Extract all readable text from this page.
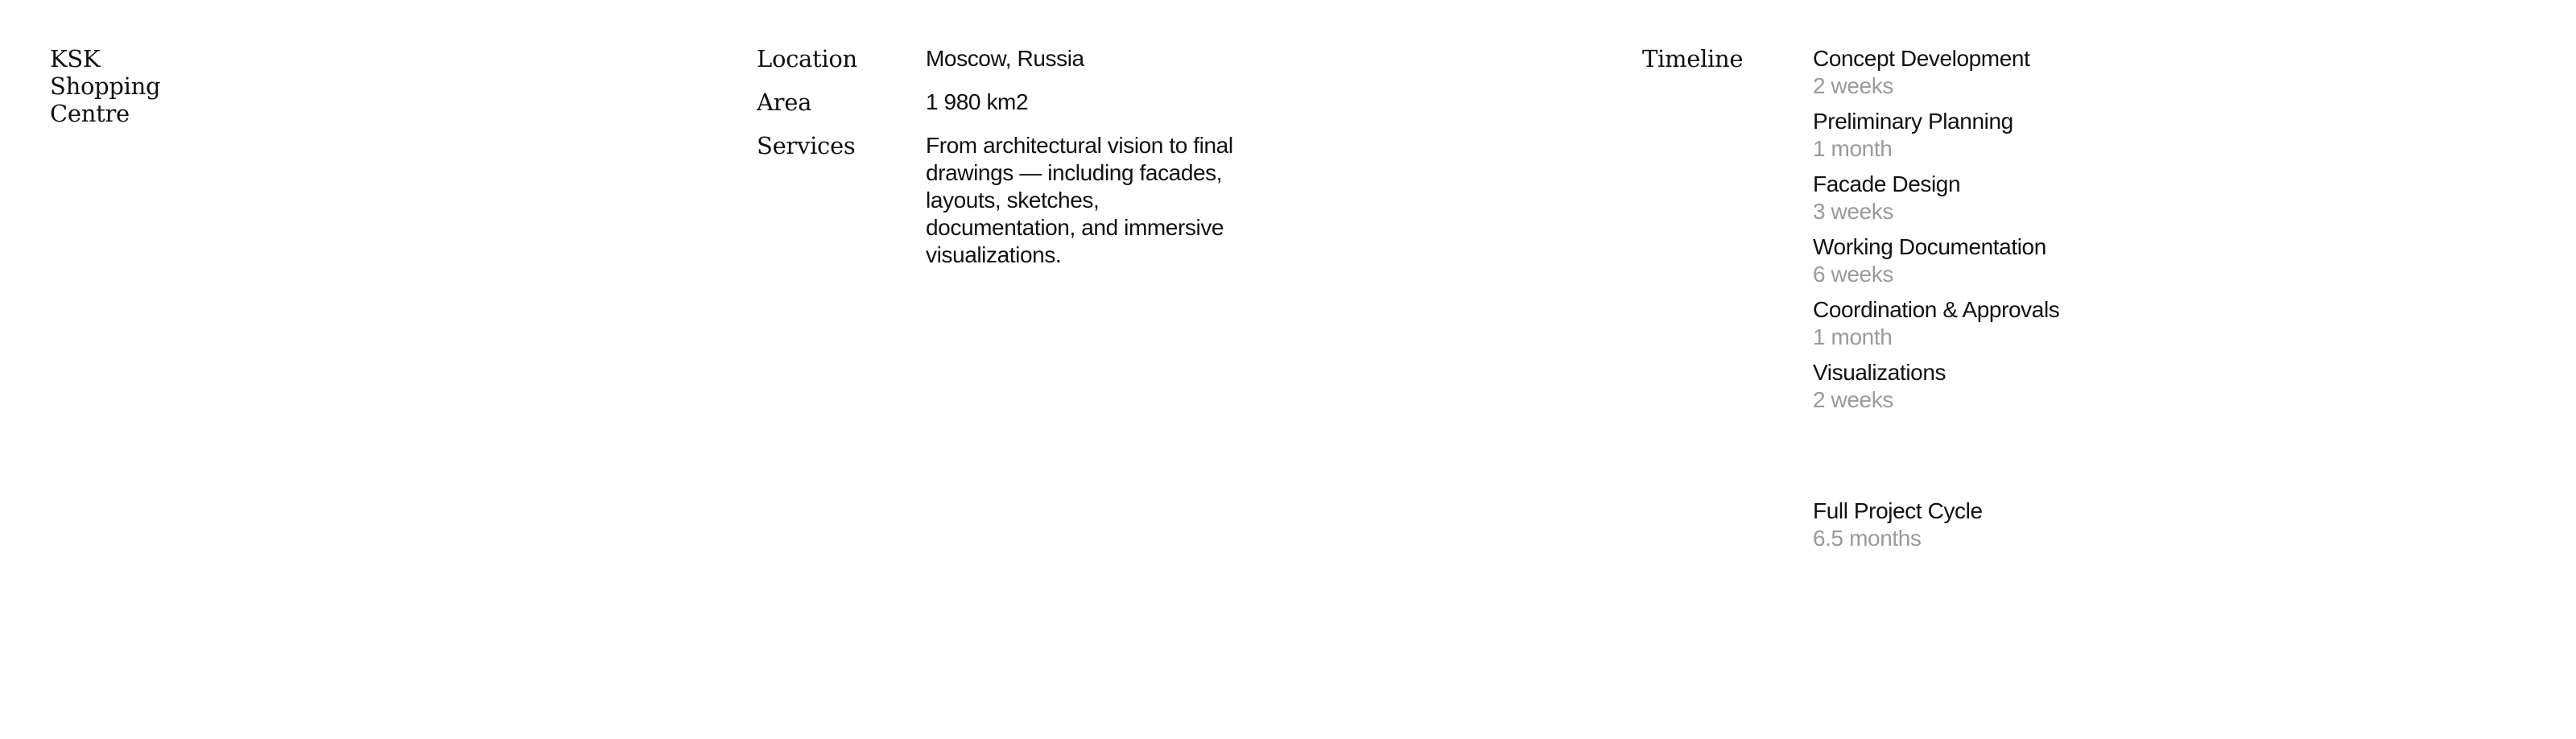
KSK
Shopping
Centre
Location	Moscow, Russia
Area	1 980 km2
Services	From architectural vision to final drawings — including facades, layouts, sketches, documentation, and immersive visualizations.
Timeline	Concept Development
2 weeks
Preliminary Planning
1 month
Facade Design
3 weeks
Working Documentation
6 weeks
Coordination & Approvals
1 month
Visualizations
2 weeks
Full Project Cycle
6.5 months
